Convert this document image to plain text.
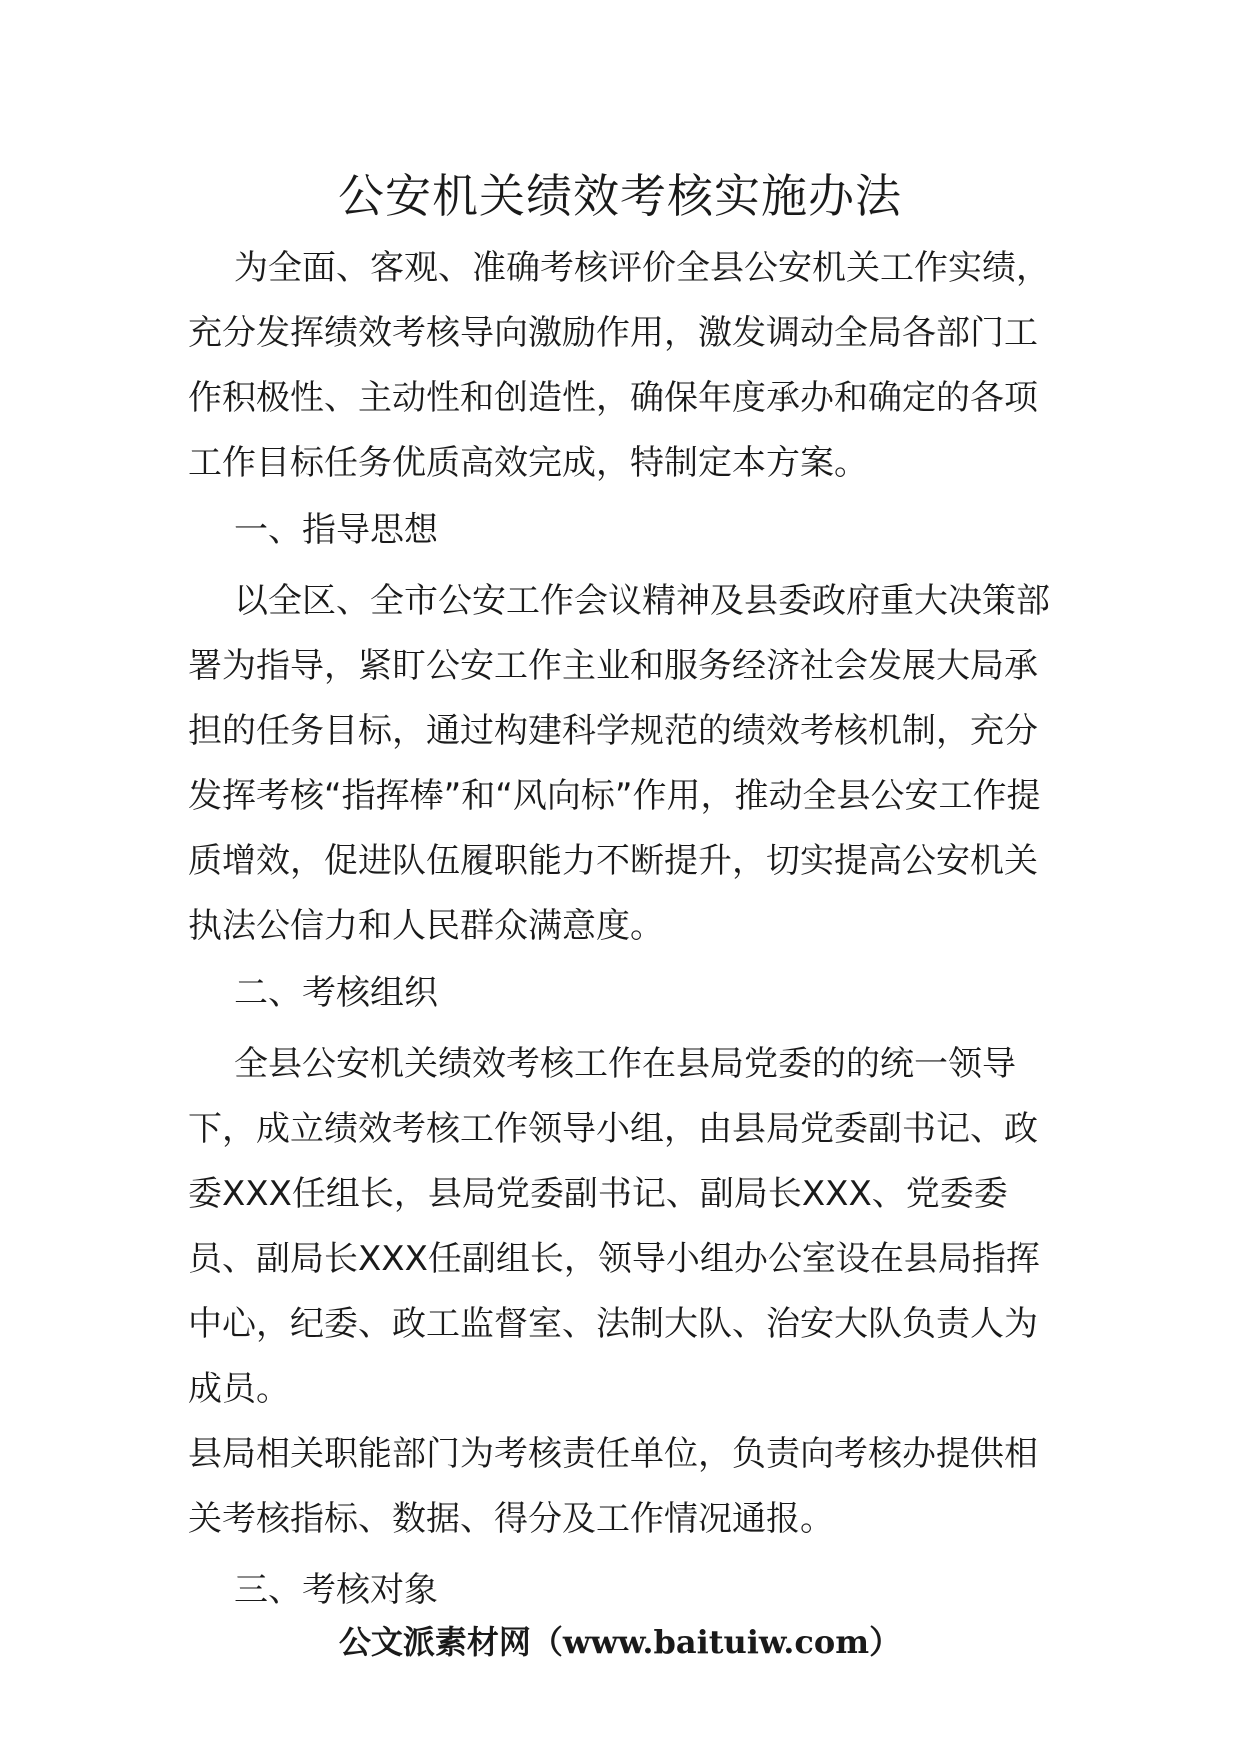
公安机关绩效考核实施办法

为全面、客观、准确考核评价全县公安机关工作实绩，充分发挥绩效考核导向激励作用，激发调动全局各部门工作积极性、主动性和创造性，确保年度承办和确定的各项工作目标任务优质高效完成，特制定本方案。

一、指导思想

以全区、全市公安工作会议精神及县委政府重大决策部署为指导，紧盯公安工作主业和服务经济社会发展大局承担的任务目标，通过构建科学规范的绩效考核机制，充分发挥考核“指挥棒”和“风向标”作用，推动全县公安工作提质增效，促进队伍履职能力不断提升，切实提高公安机关执法公信力和人民群众满意度。

二、考核组织

全县公安机关绩效考核工作在县局党委的的统一领导下，成立绩效考核工作领导小组，由县局党委副书记、政委XXX任组长，县局党委副书记、副局长XXX、党委委员、副局长XXX任副组长，领导小组办公室设在县局指挥中心，纪委、政工监督室、法制大队、治安大队负责人为成员。

县局相关职能部门为考核责任单位，负责向考核办提供相关考核指标、数据、得分及工作情况通报。

三、考核对象

公文派素材网（www.baituiw.com）
